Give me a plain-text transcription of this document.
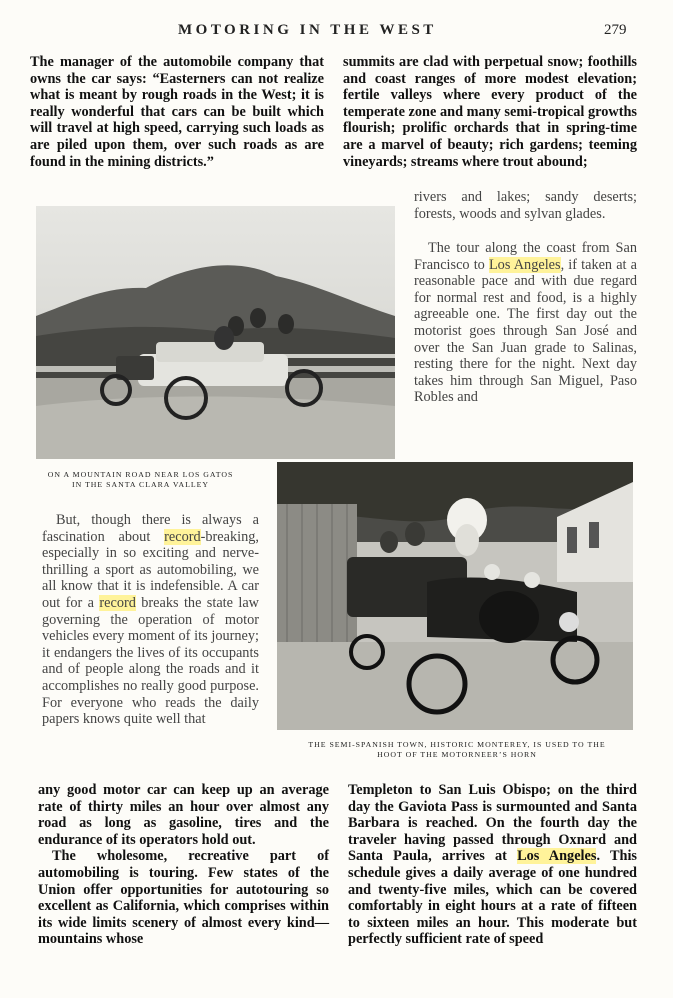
MOTORING IN THE WEST	279

The manager of the automobile company that owns the car says: “Easterners can not realize what is meant by rough roads in the West; it is really wonderful that cars can be built which will travel at high speed, carrying such loads as are piled upon them, over such roads as are found in the mining districts.”

summits are clad with perpetual snow; foothills and coast ranges of more modest elevation; fertile valleys where every product of the temperate zone and many semi-tropical growths flourish; prolific orchards that in spring-time are a marvel of beauty; rich gardens; teeming vineyards; streams where trout abound;

rivers and lakes; sandy deserts; forests, woods and sylvan glades.

The tour along the coast from San Francisco to Los Angeles, if taken at a reasonable pace and with due regard for normal rest and food, is a highly agreeable one. The first day out the motorist goes through San José and over the San Juan grade to Salinas, resting there for the night. Next day takes him through San Miguel, Paso Robles and

ON A MOUNTAIN ROAD NEAR LOS GATOS
IN THE SANTA CLARA VALLEY

But, though there is always a fascination about record-breaking, especially in so exciting and nerve-thrilling a sport as automobiling, we all know that it is indefensible. A car out for a record breaks the state law governing the operation of motor vehicles every moment of its journey; it endangers the lives of its occupants and of people along the roads and it accomplishes no really good purpose. For everyone who reads the daily papers knows quite well that

THE SEMI-SPANISH TOWN, HISTORIC MONTEREY, IS USED TO THE
HOOT OF THE MOTORNEER’S HORN

any good motor car can keep up an average rate of thirty miles an hour over almost any road as long as gasoline, tires and the endurance of its operators hold out.

The wholesome, recreative part of automobiling is touring. Few states of the Union offer opportunities for autotouring so excellent as California, which comprises within its wide limits scenery of almost every kind—mountains whose

Templeton to San Luis Obispo; on the third day the Gaviota Pass is surmounted and Santa Barbara is reached. On the fourth day the traveler having passed through Oxnard and Santa Paula, arrives at Los Angeles. This schedule gives a daily average of one hundred and twenty-five miles, which can be covered comfortably in eight hours at a rate of fifteen to sixteen miles an hour. This moderate but perfectly sufficient rate of speed
